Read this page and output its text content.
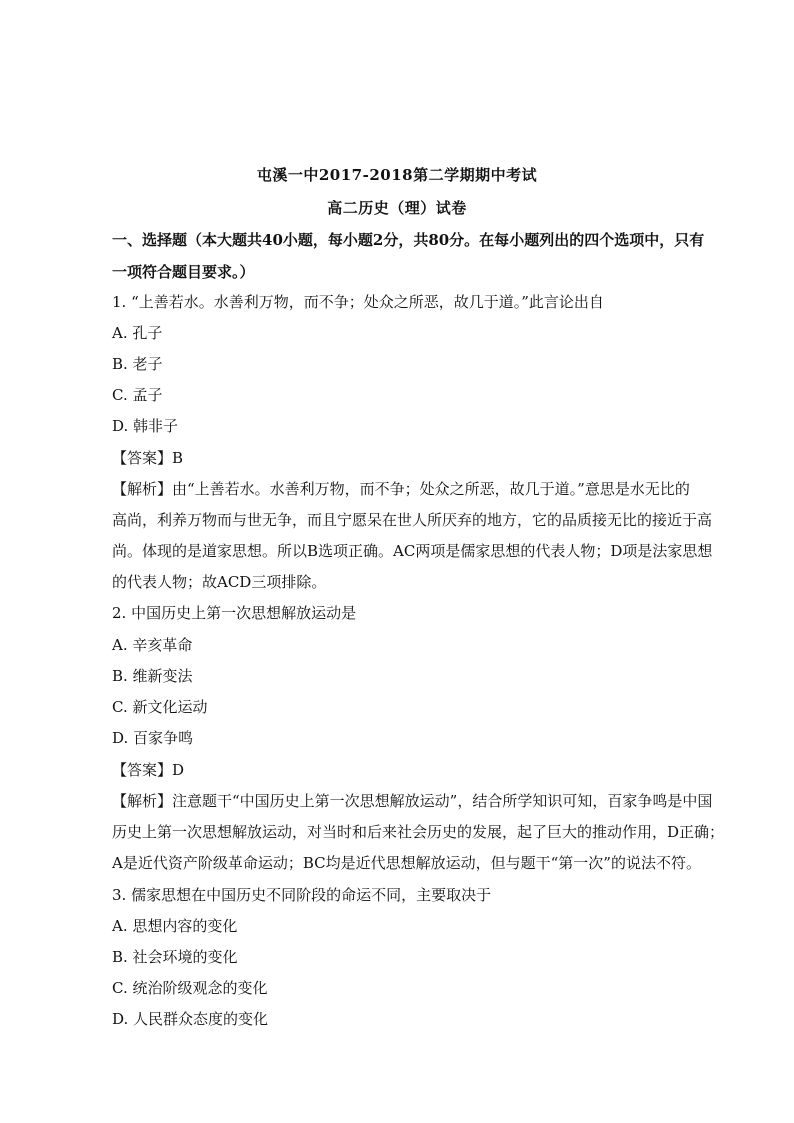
屯溪一中2017-2018第二学期期中考试
高二历史（理）试卷
一、选择题（本大题共40小题，每小题2分，共80分。在每小题列出的四个选项中，只有
一项符合题目要求。）
1. “上善若水。水善利万物，而不争；处众之所恶，故几于道。”此言论出自
A. 孔子
B. 老子
C. 孟子
D. 韩非子
【答案】B
【解析】由“上善若水。水善利万物，而不争；处众之所恶，故几于道。”意思是水无比的
高尚，利养万物而与世无争，而且宁愿呆在世人所厌弃的地方，它的品质接无比的接近于高
尚。体现的是道家思想。所以B选项正确。AC两项是儒家思想的代表人物；D项是法家思想
的代表人物；故ACD三项排除。
2. 中国历史上第一次思想解放运动是
A. 辛亥革命
B. 维新变法
C. 新文化运动
D. 百家争鸣
【答案】D
【解析】注意题干“中国历史上第一次思想解放运动”，结合所学知识可知，百家争鸣是中国
历史上第一次思想解放运动，对当时和后来社会历史的发展，起了巨大的推动作用，D正确；
A是近代资产阶级革命运动；BC均是近代思想解放运动，但与题干“第一次”的说法不符。
3. 儒家思想在中国历史不同阶段的命运不同，主要取决于
A. 思想内容的变化
B. 社会环境的变化
C. 统治阶级观念的变化
D. 人民群众态度的变化
